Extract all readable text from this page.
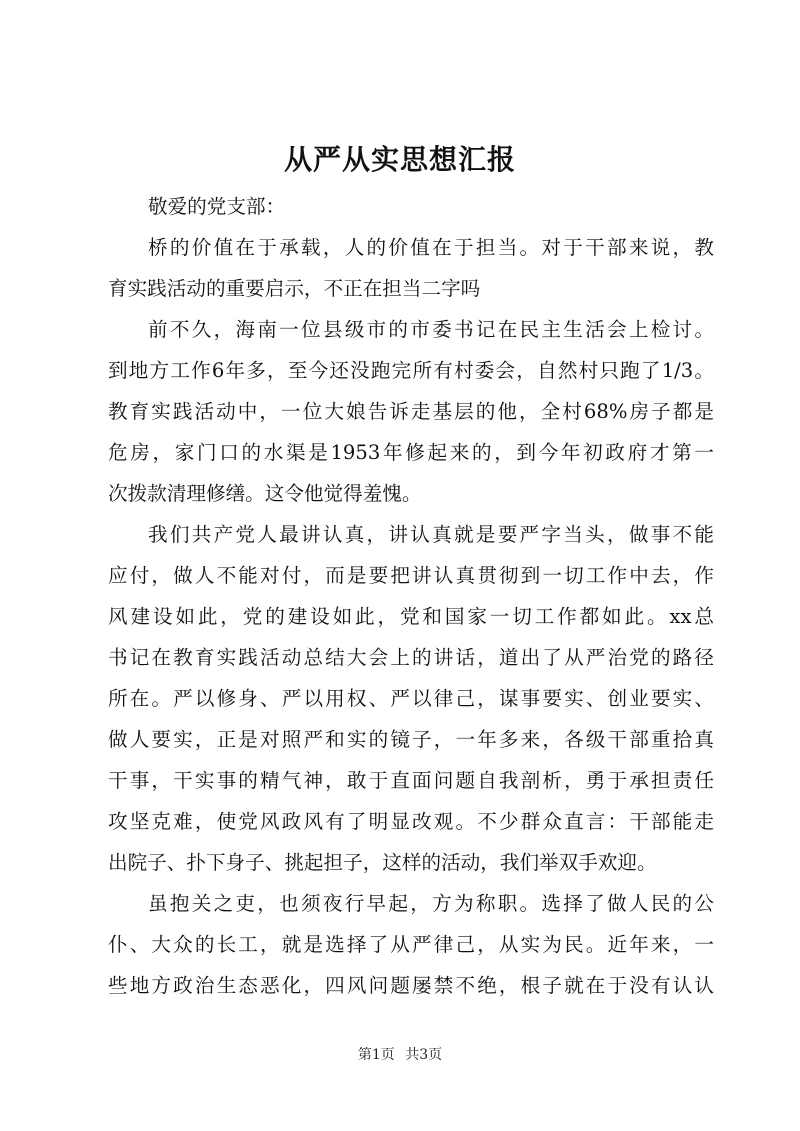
从严从实思想汇报
敬爱的党支部：
桥的价值在于承载，人的价值在于担当。对于干部来说，教
育实践活动的重要启示，不正在担当二字吗
前不久，海南一位县级市的市委书记在民主生活会上检讨。
到地方工作6年多，至今还没跑完所有村委会，自然村只跑了1/3。
教育实践活动中，一位大娘告诉走基层的他，全村68%房子都是
危房，家门口的水渠是1953年修起来的，到今年初政府才第一
次拨款清理修缮。这令他觉得羞愧。
我们共产党人最讲认真，讲认真就是要严字当头，做事不能
应付，做人不能对付，而是要把讲认真贯彻到一切工作中去，作
风建设如此，党的建设如此，党和国家一切工作都如此。xx总
书记在教育实践活动总结大会上的讲话，道出了从严治党的路径
所在。严以修身、严以用权、严以律己，谋事要实、创业要实、
做人要实，正是对照严和实的镜子，一年多来，各级干部重拾真
干事，干实事的精气神，敢于直面问题自我剖析，勇于承担责任
攻坚克难，使党风政风有了明显改观。不少群众直言：干部能走
出院子、扑下身子、挑起担子，这样的活动，我们举双手欢迎。
虽抱关之吏，也须夜行早起，方为称职。选择了做人民的公
仆、大众的长工，就是选择了从严律己，从实为民。近年来，一
些地方政治生态恶化，四风问题屡禁不绝，根子就在于没有认认
第1页 共3页
